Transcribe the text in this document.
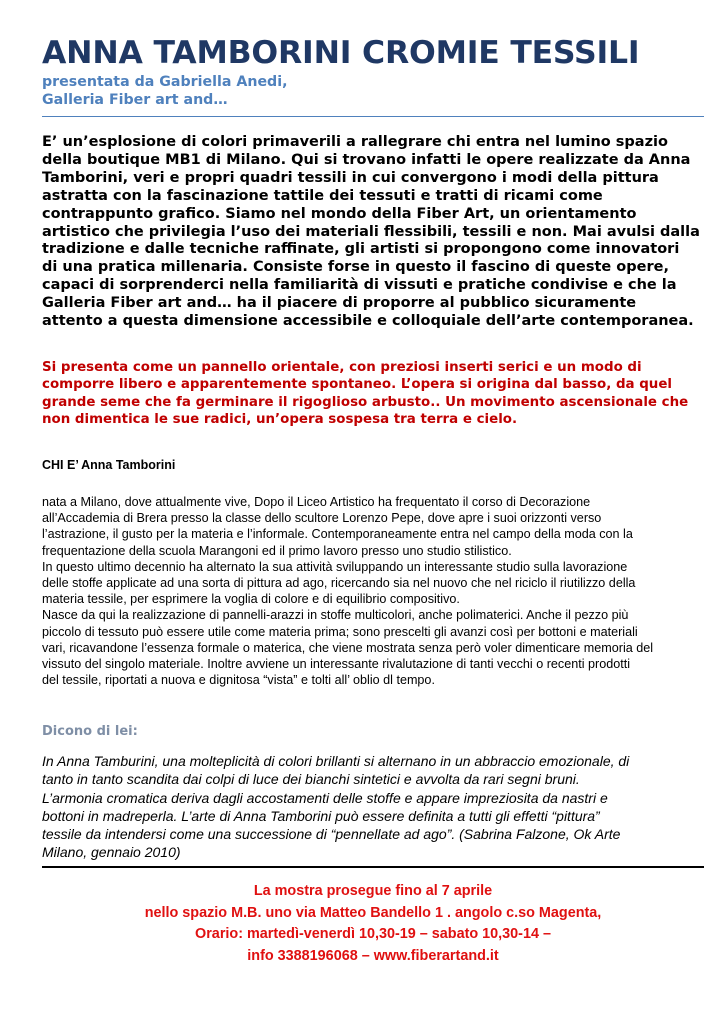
ANNA TAMBORINI CROMIE TESSILI
presentata da Gabriella Anedi,
Galleria Fiber art and…
E’ un’esplosione di colori primaverili a rallegrare chi entra nel lumino spazio
della boutique MB1 di Milano. Qui si trovano infatti le opere realizzate da Anna
Tamborini, veri e propri quadri tessili in cui convergono i modi della pittura
astratta con la fascinazione tattile dei tessuti e tratti di ricami come
contrappunto grafico. Siamo nel mondo della Fiber Art, un orientamento
artistico che privilegia l’uso dei materiali flessibili, tessili e non. Mai avulsi dalla
tradizione e dalle tecniche raffinate, gli artisti si propongono come innovatori
di una pratica millenaria. Consiste forse in questo il fascino di queste opere,
capaci di sorprenderci nella familiarità di vissuti e pratiche condivise e che la
Galleria Fiber art and… ha il piacere di proporre al pubblico sicuramente
attento a questa dimensione accessibile e colloquiale dell’arte contemporanea.
Si presenta come un pannello orientale, con preziosi inserti serici e un modo di
comporre libero e apparentemente spontaneo. L’opera si origina dal basso, da quel
grande seme che fa germinare il rigoglioso arbusto.. Un movimento ascensionale che
non dimentica le sue radici, un’opera sospesa tra terra e cielo.
CHI E’ Anna Tamborini
nata a Milano, dove attualmente vive, Dopo il Liceo Artistico ha frequentato il corso di Decorazione
all’Accademia di Brera presso la classe dello scultore Lorenzo Pepe, dove apre i suoi orizzonti verso
l’astrazione, il gusto per la materia e l’informale. Contemporaneamente entra nel campo della moda con la
frequentazione della scuola Marangoni ed il primo lavoro presso uno studio stilistico.
In questo ultimo decennio ha alternato la sua attività sviluppando un interessante studio sulla lavorazione
delle stoffe applicate ad una sorta di pittura ad ago, ricercando sia nel nuovo che nel riciclo il riutilizzo della
materia tessile, per esprimere la voglia di colore e di equilibrio compositivo.
Nasce da qui la realizzazione di pannelli-arazzi in stoffe multicolori, anche polimaterici. Anche il pezzo più
piccolo di tessuto può essere utile come materia prima; sono prescelti gli avanzi così per bottoni e materiali
vari, ricavandone l’essenza formale o materica, che viene mostrata senza però voler dimenticare memoria del
vissuto del singolo materiale. Inoltre avviene un interessante rivalutazione di tanti vecchi o recenti prodotti
del tessile, riportati a nuova e dignitosa “vista” e tolti all’ oblio dl tempo.
Dicono di lei:
In Anna Tamburini, una molteplicità di colori brillanti si alternano in un abbraccio emozionale, di
tanto in tanto scandita dai colpi di luce dei bianchi sintetici e avvolta da rari segni bruni.
L’armonia cromatica deriva dagli accostamenti delle stoffe e appare impreziosita da nastri e
bottoni in madreperla. L’arte di Anna Tamborini può essere definita a tutti gli effetti “pittura”
tessile da intendersi come una successione di “pennellate ad ago”. (Sabrina Falzone, Ok Arte
Milano, gennaio 2010)
La mostra prosegue fino al 7 aprile
nello spazio M.B. uno via Matteo Bandello 1 . angolo c.so Magenta,
Orario: martedì-venerdì 10,30-19 – sabato 10,30-14 –
info 3388196068 – www.fiberartand.it
